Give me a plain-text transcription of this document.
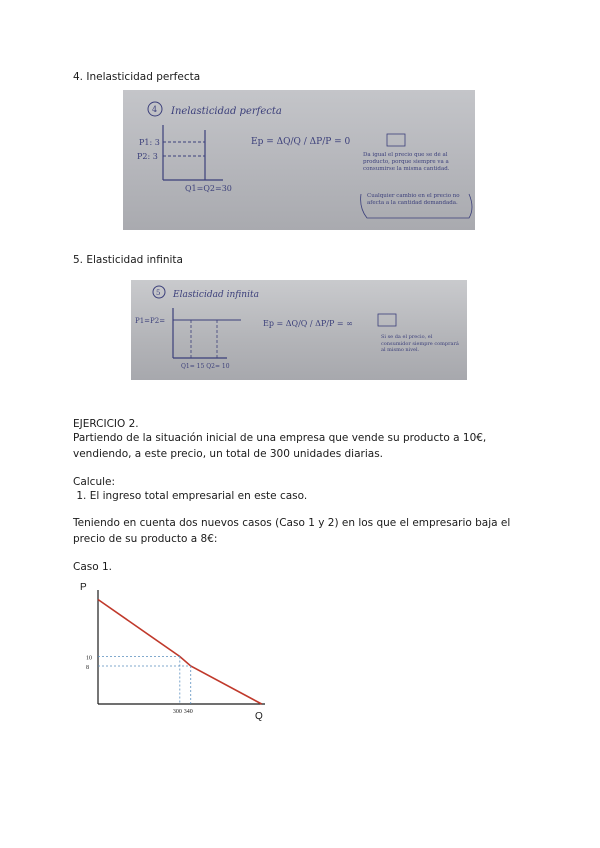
4. Inelasticidad perfecta
4 Inelasticidad perfecta
P1: 3
P2: 3
Q1=Q2=30
Ep = ΔQ/Q / ΔP/P = 0
Da igual el precio que se dé al producto, porque siempre va a consumirse la misma cantidad.
Cualquier cambio en el precio no afecta a la cantidad demandada.
5. Elasticidad infinita
5 Elasticidad infinita
P1=P2=
Q1= 15 Q2= 10
Ep = ΔQ/Q / ΔP/P = ∞
Si se da el precio, el consumidor siempre comprará al mismo nivel.
EJERCICIO 2.
Partiendo de la situación inicial de una empresa que vende su producto a 10€, vendiendo, a este precio, un total de 300 unidades diarias.
Calcule:
1. El ingreso total empresarial en este caso.
Teniendo en cuenta dos nuevos casos (Caso 1 y 2) en los que el empresario baja el precio de su producto a 8€:
Caso 1.
P
Q
10
300
8
340
